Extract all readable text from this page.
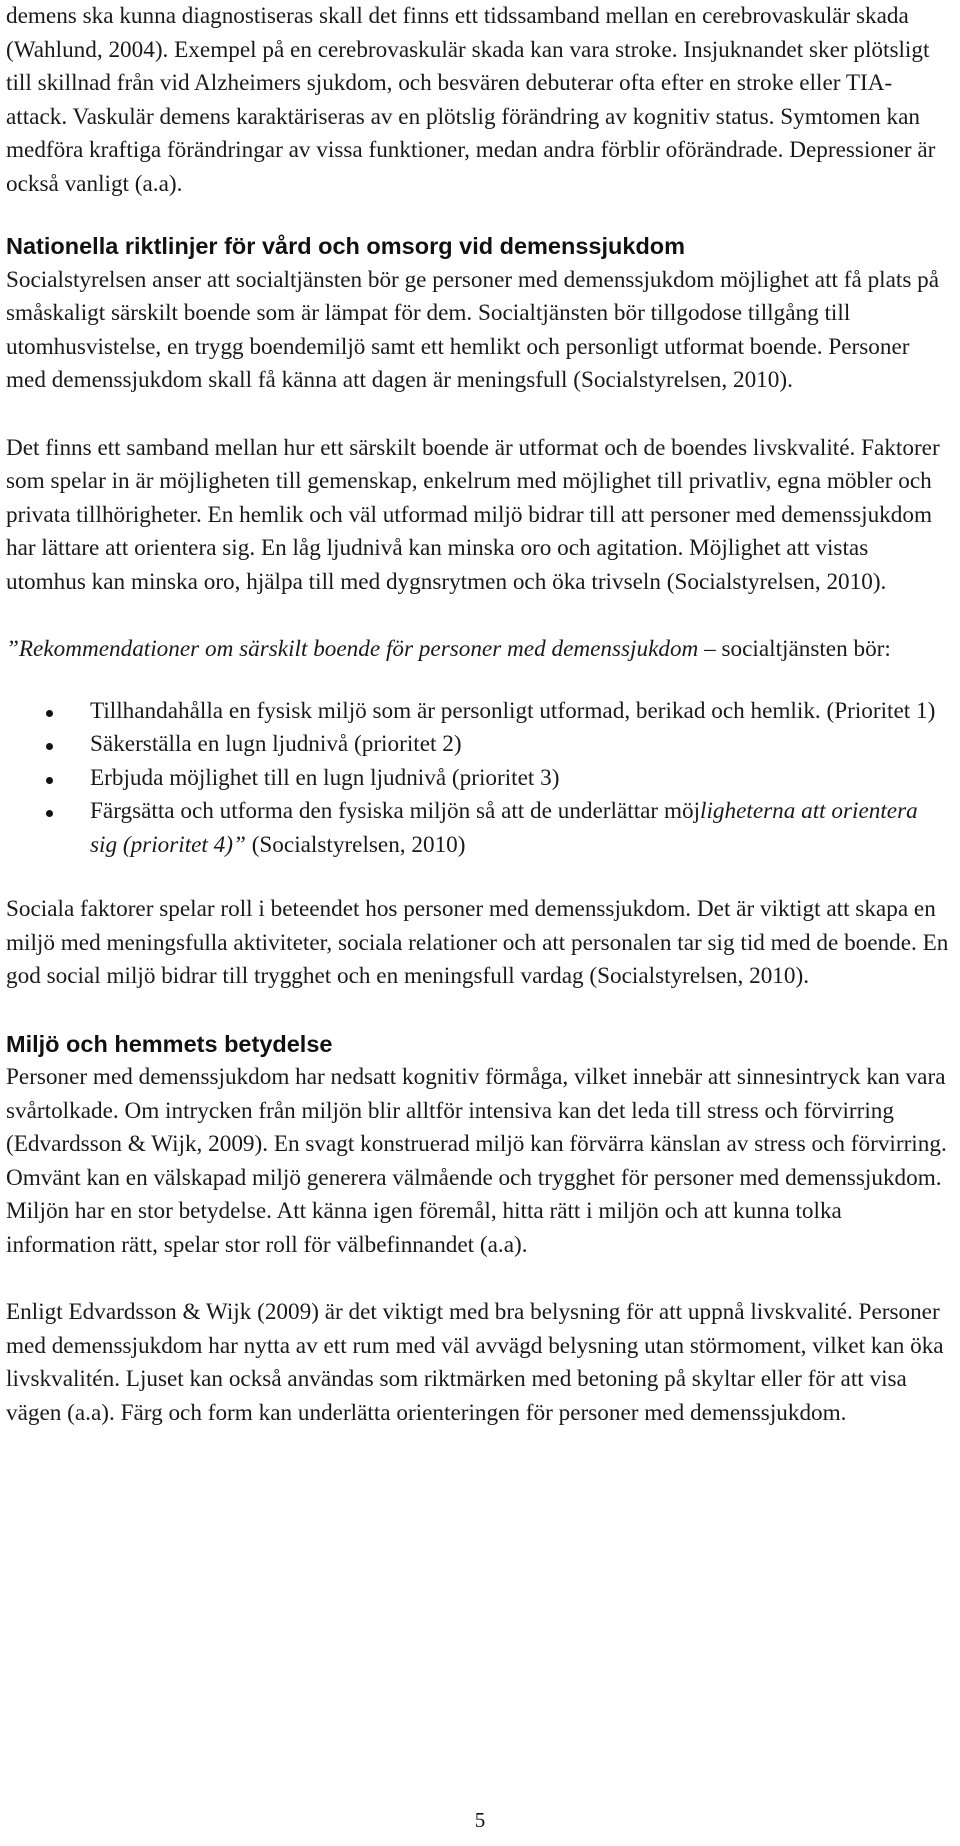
demens ska kunna diagnostiseras skall det finns ett tidssamband mellan en cerebrovaskulär skada (Wahlund, 2004). Exempel på en cerebrovaskulär skada kan vara stroke. Insjuknandet sker plötsligt till skillnad från vid Alzheimers sjukdom, och besvären debuterar ofta efter en stroke eller TIA-attack. Vaskulär demens karaktäriseras av en plötslig förändring av kognitiv status. Symtomen kan medföra kraftiga förändringar av vissa funktioner, medan andra förblir oförändrade. Depressioner är också vanligt (a.a).

Nationella riktlinjer för vård och omsorg vid demenssjukdom

Socialstyrelsen anser att socialtjänsten bör ge personer med demenssjukdom möjlighet att få plats på småskaligt särskilt boende som är lämpat för dem. Socialtjänsten bör tillgodose tillgång till utomhusvistelse, en trygg boendemiljö samt ett hemlikt och personligt utformat boende. Personer med demenssjukdom skall få känna att dagen är meningsfull (Socialstyrelsen, 2010).

Det finns ett samband mellan hur ett särskilt boende är utformat och de boendes livskvalité. Faktorer som spelar in är möjligheten till gemenskap, enkelrum med möjlighet till privatliv, egna möbler och privata tillhörigheter. En hemlik och väl utformad miljö bidrar till att personer med demenssjukdom har lättare att orientera sig. En låg ljudnivå kan minska oro och agitation. Möjlighet att vistas utomhus kan minska oro, hjälpa till med dygnsrytmen och öka trivseln (Socialstyrelsen, 2010).

”Rekommendationer om särskilt boende för personer med demenssjukdom – socialtjänsten bör:

Tillhandahålla en fysisk miljö som är personligt utformad, berikad och hemlik. (Prioritet 1)
Säkerställa en lugn ljudnivå (prioritet 2)
Erbjuda möjlighet till en lugn ljudnivå (prioritet 3)
Färgsätta och utforma den fysiska miljön så att de underlättar möjligheterna att orientera sig (prioritet 4)” (Socialstyrelsen, 2010)

Sociala faktorer spelar roll i beteendet hos personer med demenssjukdom. Det är viktigt att skapa en miljö med meningsfulla aktiviteter, sociala relationer och att personalen tar sig tid med de boende. En god social miljö bidrar till trygghet och en meningsfull vardag (Socialstyrelsen, 2010).

Miljö och hemmets betydelse

Personer med demenssjukdom har nedsatt kognitiv förmåga, vilket innebär att sinnesintryck kan vara svårtolkade. Om intrycken från miljön blir alltför intensiva kan det leda till stress och förvirring (Edvardsson & Wijk, 2009). En svagt konstruerad miljö kan förvärra känslan av stress och förvirring. Omvänt kan en välskapad miljö generera välmående och trygghet för personer med demenssjukdom. Miljön har en stor betydelse. Att känna igen föremål, hitta rätt i miljön och att kunna tolka information rätt, spelar stor roll för välbefinnandet (a.a).

Enligt Edvardsson & Wijk (2009) är det viktigt med bra belysning för att uppnå livskvalité. Personer med demenssjukdom har nytta av ett rum med väl avvägd belysning utan störmoment, vilket kan öka livskvalitén. Ljuset kan också användas som riktmärken med betoning på skyltar eller för att visa vägen (a.a). Färg och form kan underlätta orienteringen för personer med demenssjukdom.

5
